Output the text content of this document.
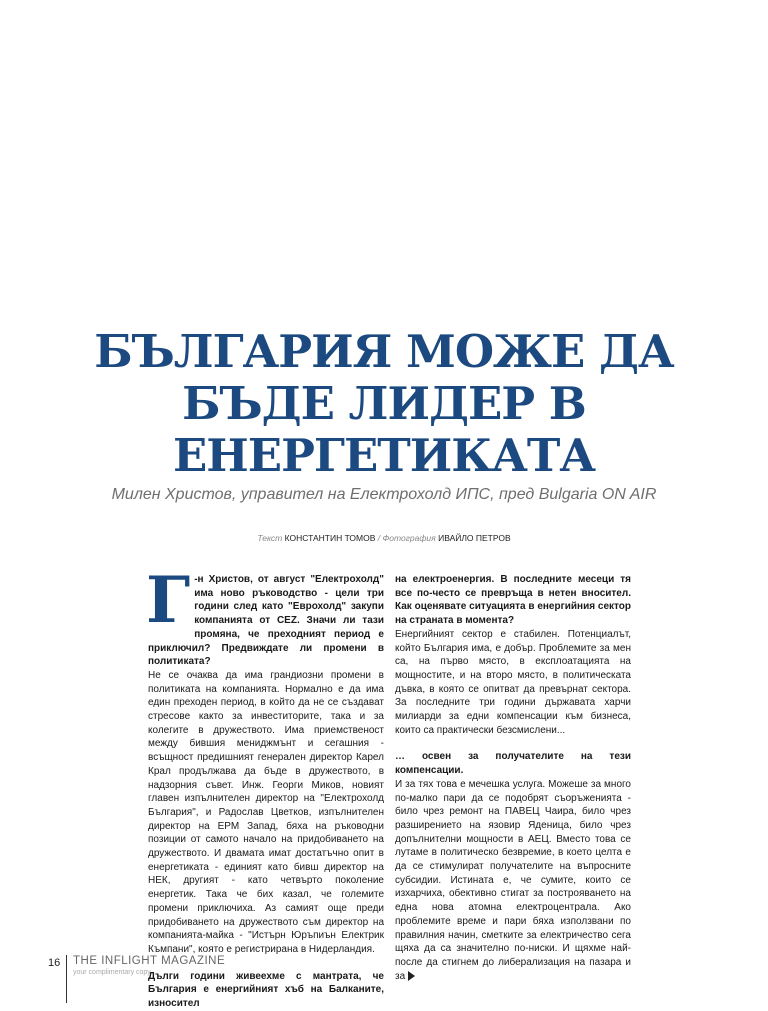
БЪЛГАРИЯ МОЖЕ ДА БЪДЕ ЛИДЕР В ЕНЕРГЕТИКАТА

Милен Христов, управител на Електрохолд ИПС, пред Bulgaria ON AIR

Текст КОНСТАНТИН ТОМОВ / Фотография ИВАЙЛО ПЕТРОВ

Г -н Христов, от август "Електрохолд" има ново ръководство - цели три години след като "Еврохолд" закупи компанията от CEZ. Значи ли тази промяна, че преходният период е приключил? Предвиждате ли промени в политиката?

Не се очаква да има грандиозни промени в политиката на компанията. Нормално е да има един преходен период, в който да не се създават стресове както за инвеститорите, така и за колегите в дружеството. Има приемственост между бившия мениджмънт и сегашния - всъщност предишният генерален директор Карел Крал продължава да бъде в дружеството, в надзорния съвет. Инж. Георги Миков, новият главен изпълнителен директор на "Електрохолд България", и Радослав Цветков, изпълнителен директор на ЕРМ Запад, бяха на ръководни позиции от самото начало на придобиването на дружеството. И двамата имат достатъчно опит в енергетиката - единият като бивш директор на НЕК, другият - като четвърто поколение енергетик. Така че бих казал, че големите промени приключиха. Аз самият още преди придобиването на дружеството съм директор на компанията-майка - "Истърн Юръпиън Електрик Къмпани", която е регистрирана в Нидерландия.

Дълги години живеехме с мантрата, че България е енергийният хъб на Балканите, износител

на електроенергия. В последните месеци тя все по-често се превръща в нетен вносител. Как оценявате ситуацията в енергийния сектор на страната в момента?

Енергийният сектор е стабилен. Потенциалът, който България има, е добър. Проблемите за мен са, на първо място, в експлоатацията на мощностите, и на второ място, в политическата дъвка, в която се опитват да превърнат сектора. За последните три години държавата харчи милиарди за едни компенсации към бизнеса, които са практически безсмислени...

… освен за получателите на тези компенсации.

И за тях това е мечешка услуга. Можеше за много по-малко пари да се подобрят съоръженията - било чрез ремонт на ПАВЕЦ Чаира, било чрез разширението на язовир Яденица, било чрез допълнителни мощности в АЕЦ. Вместо това се лутаме в политическо безвремие, в което целта е да се стимулират получателите на въпросните субсидии. Истината е, че сумите, които се изхарчиха, обективно стигат за построяването на една нова атомна електроцентрала. Ако проблемите време и пари бяха използвани по правилния начин, сметките за електричество сега щяха да са значително по-ниски. И щяхме най-после да стигнем до либерализация на пазара и за

16 THE INFLIGHT MAGAZINE
your complimentary copy
